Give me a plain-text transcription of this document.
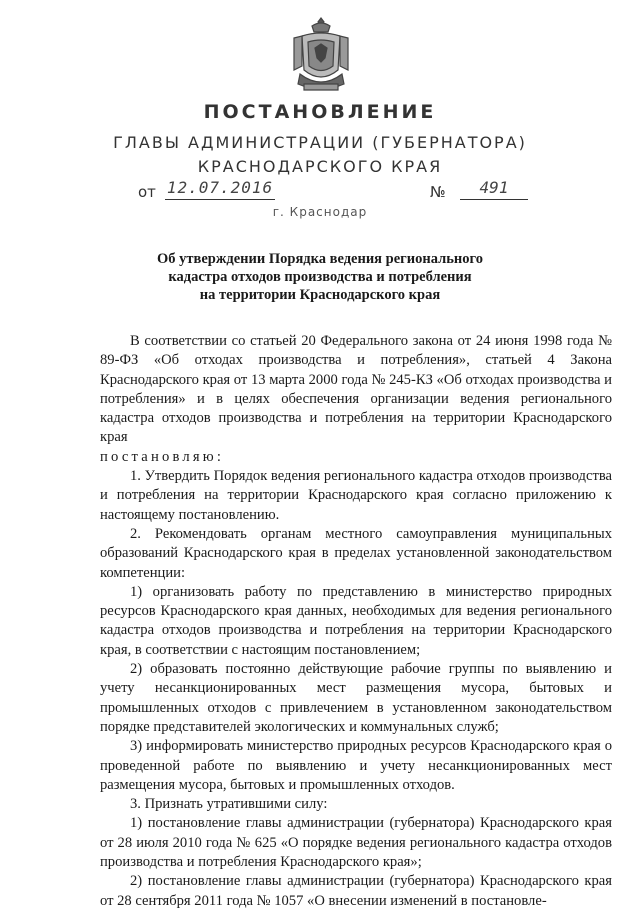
ПОСТАНОВЛЕНИЕ
ГЛАВЫ АДМИНИСТРАЦИИ (ГУБЕРНАТОРА)
КРАСНОДАРСКОГО КРАЯ
от 12.07.2016	№	491
г. Краснодар
Об утверждении Порядка ведения регионального
кадастра отходов производства и потребления
на территории Краснодарского края

В соответствии со статьей 20 Федерального закона от 24 июня 1998 года № 89-ФЗ «Об отходах производства и потребления», статьей 4 Закона Краснодарского края от 13 марта 2000 года № 245-КЗ «Об отходах производства и потребления» и в целях обеспечения организации ведения регионального кадастра отходов производства и потребления на территории Краснодарского края

постановляю:

1. Утвердить Порядок ведения регионального кадастра отходов производства и потребления на территории Краснодарского края согласно приложению к настоящему постановлению.

2. Рекомендовать органам местного самоуправления муниципальных образований Краснодарского края в пределах установленной законодательством компетенции:

1) организовать работу по представлению в министерство природных ресурсов Краснодарского края данных, необходимых для ведения регионального кадастра отходов производства и потребления на территории Краснодарского края, в соответствии с настоящим постановлением;

2) образовать постоянно действующие рабочие группы по выявлению и учету несанкционированных мест размещения мусора, бытовых и промышленных отходов с привлечением в установленном законодательством порядке представителей экологических и коммунальных служб;

3) информировать министерство природных ресурсов Краснодарского края о проведенной работе по выявлению и учету несанкционированных мест размещения мусора, бытовых и промышленных отходов.

3. Признать утратившими силу:

1) постановление главы администрации (губернатора) Краснодарского края от 28 июля 2010 года № 625 «О порядке ведения регионального кадастра отходов производства и потребления Краснодарского края»;

2) постановление главы администрации (губернатора) Краснодарского края от 28 сентября 2011 года № 1057 «О внесении изменений в постановле-
